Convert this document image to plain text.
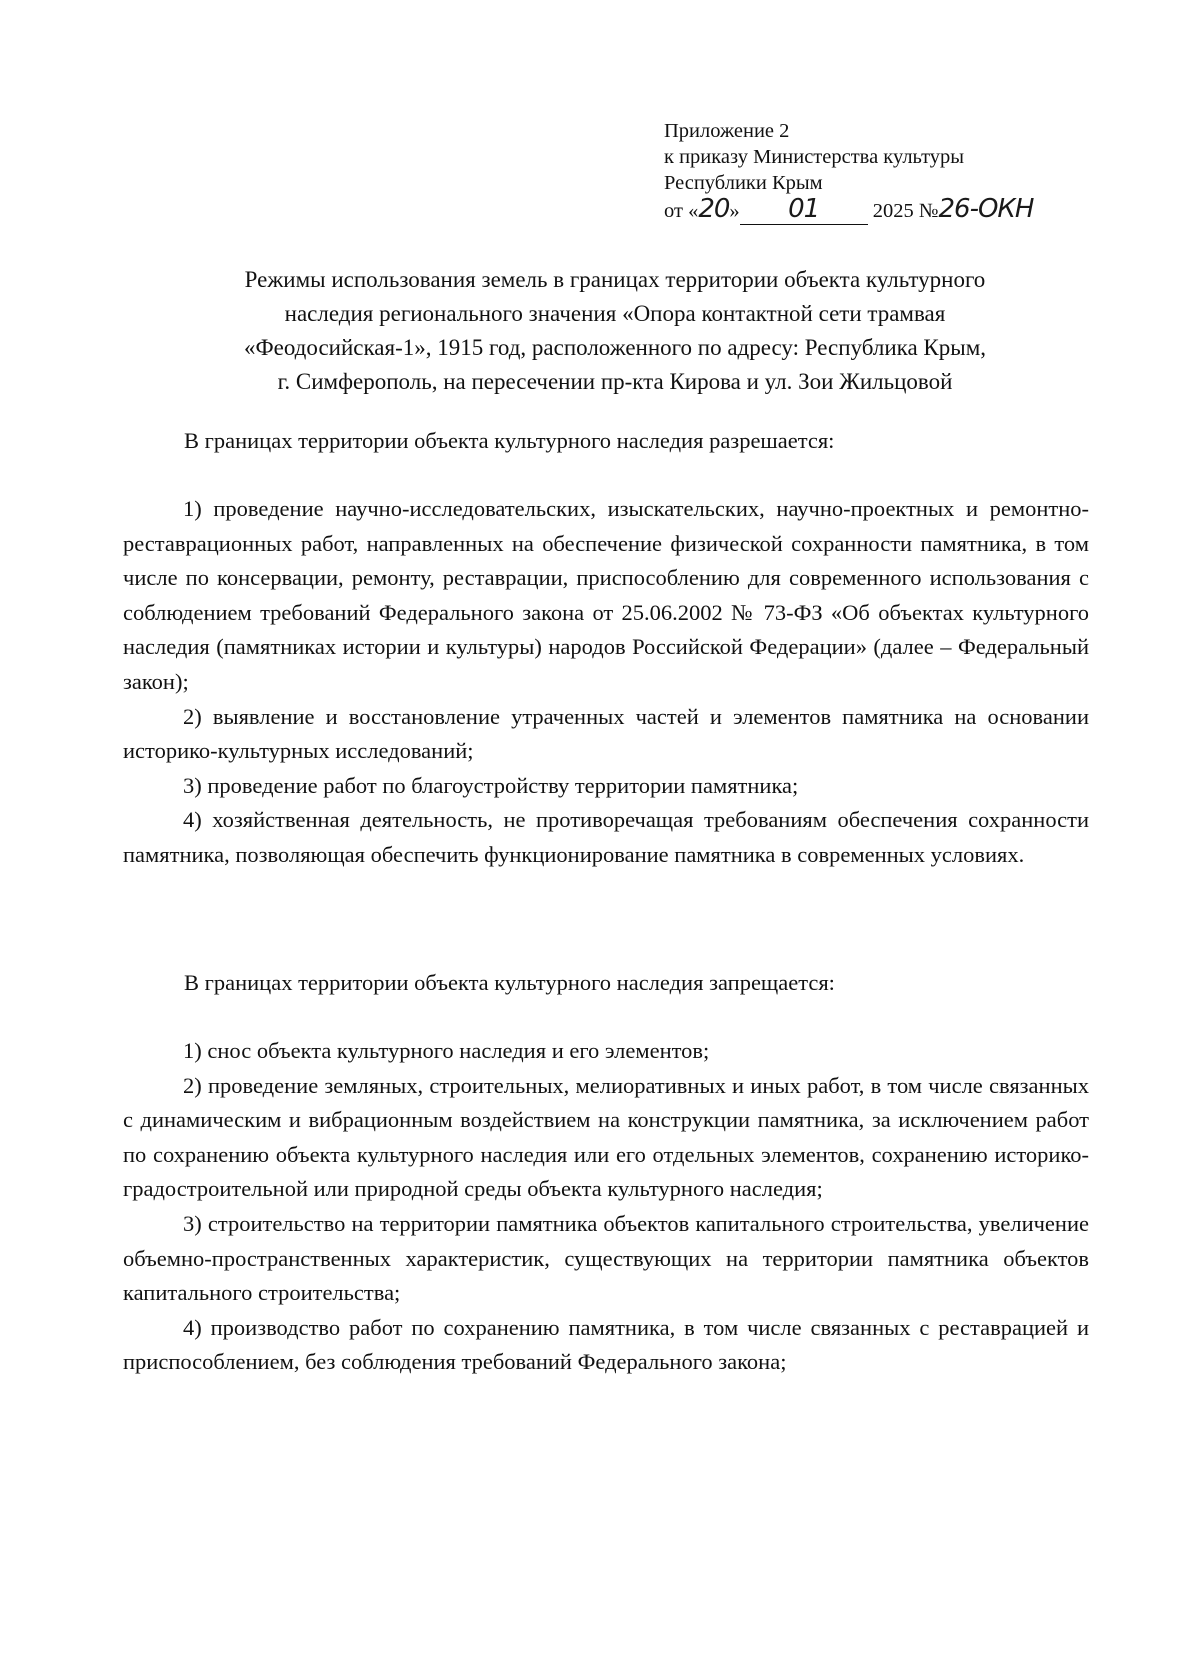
Приложение 2
к приказу Министерства культуры
Республики Крым
от «20» 01	2025 №26-ОКН
Режимы использования земель в границах территории объекта культурного
наследия регионального значения «Опора контактной сети трамвая
«Феодосийская-1», 1915 год, расположенного по адресу: Республика Крым,
г. Симферополь, на пересечении пр-кта Кирова и ул. Зои Жильцовой
В границах территории объекта культурного наследия разрешается:

1) проведение научно-исследовательских, изыскательских, научно-проектных и ремонтно-реставрационных работ, направленных на обеспечение физической сохранности памятника, в том числе по консервации, ремонту, реставрации, приспособлению для современного использования с соблюдением требований Федерального закона от 25.06.2002 № 73-ФЗ «Об объектах культурного наследия (памятниках истории и культуры) народов Российской Федерации» (далее – Федеральный закон);

2) выявление и восстановление утраченных частей и элементов памятника на основании историко-культурных исследований;

3) проведение работ по благоустройству территории памятника;

4) хозяйственная деятельность, не противоречащая требованиям обеспечения сохранности памятника, позволяющая обеспечить функционирование памятника в современных условиях.

В границах территории объекта культурного наследия запрещается:

1) снос объекта культурного наследия и его элементов;

2) проведение земляных, строительных, мелиоративных и иных работ, в том числе связанных с динамическим и вибрационным воздействием на конструкции памятника, за исключением работ по сохранению объекта культурного наследия или его отдельных элементов, сохранению историко-градостроительной или природной среды объекта культурного наследия;

3) строительство на территории памятника объектов капитального строительства, увеличение объемно-пространственных характеристик, существующих на территории памятника объектов капитального строительства;

4) производство работ по сохранению памятника, в том числе связанных с реставрацией и приспособлением, без соблюдения требований Федерального закона;
